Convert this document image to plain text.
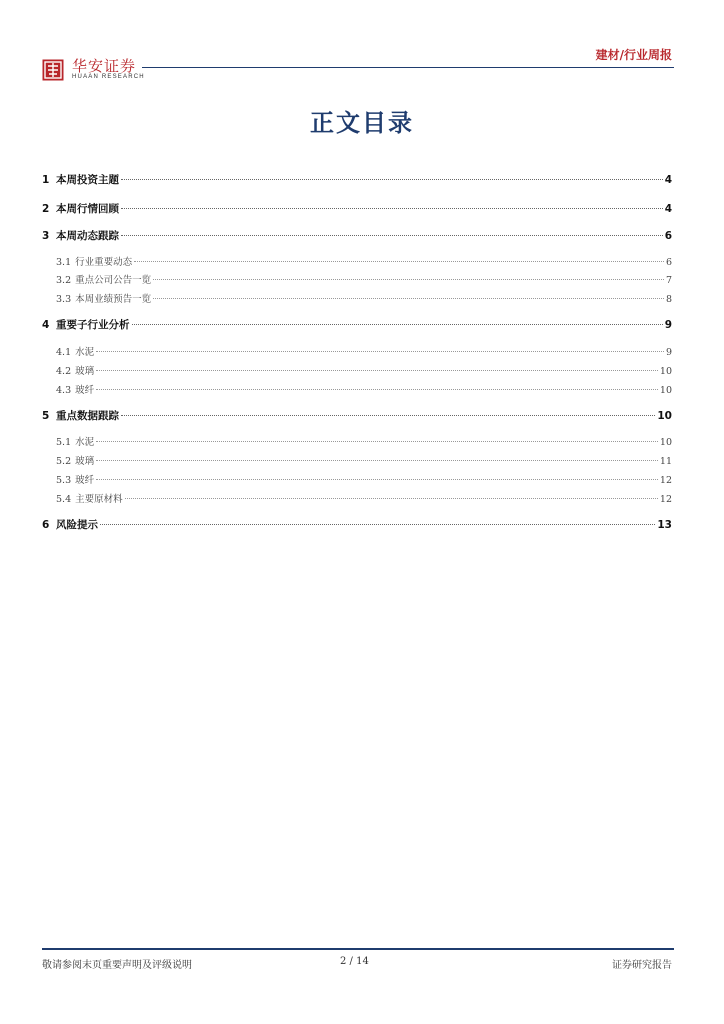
华安证券
HUAAN RESEARCH
建材/行业周报
正文目录
1 本周投资主题	4
2 本周行情回顾	4
3 本周动态跟踪	6
3.1 行业重要动态	6
3.2 重点公司公告一览	7
3.3 本周业绩预告一览	8
4 重要子行业分析	9
4.1 水泥	9
4.2 玻璃	10
4.3 玻纤	10
5 重点数据跟踪	10
5.1 水泥	10
5.2 玻璃	11
5.3 玻纤	12
5.4 主要原材料	12
6 风险提示	13
敬请参阅末页重要声明及评级说明	2 / 14	证券研究报告
